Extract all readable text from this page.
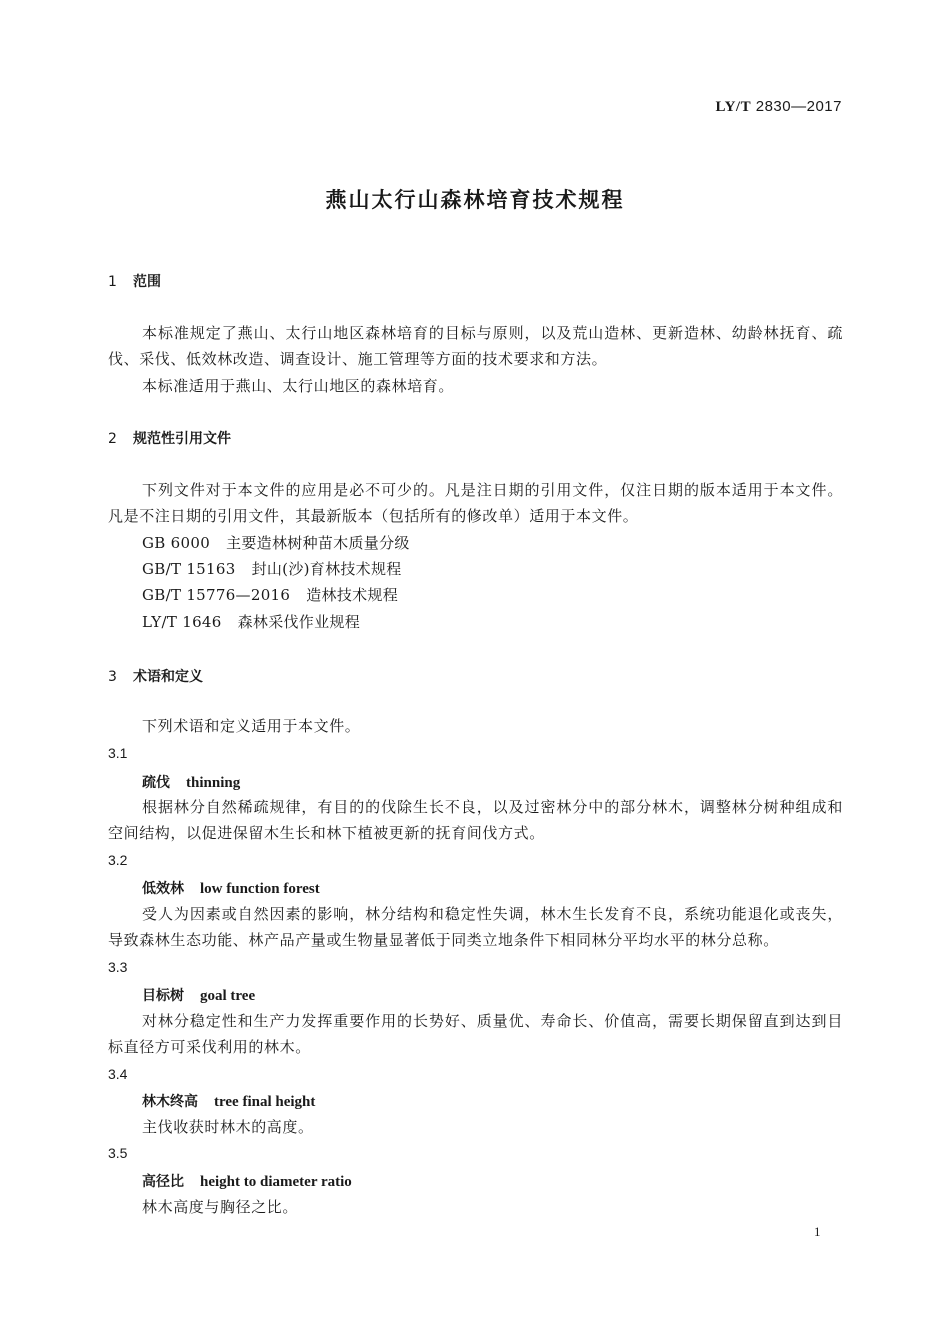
LY/T 2830—2017
燕山太行山森林培育技术规程
1 范围
本标准规定了燕山、太行山地区森林培育的目标与原则，以及荒山造林、更新造林、幼龄林抚育、疏伐、采伐、低效林改造、调查设计、施工管理等方面的技术要求和方法。
本标准适用于燕山、太行山地区的森林培育。
2 规范性引用文件
下列文件对于本文件的应用是必不可少的。凡是注日期的引用文件，仅注日期的版本适用于本文件。凡是不注日期的引用文件，其最新版本（包括所有的修改单）适用于本文件。
GB 6000 主要造林树种苗木质量分级
GB/T 15163 封山(沙)育林技术规程
GB/T 15776—2016 造林技术规程
LY/T 1646 森林采伐作业规程
3 术语和定义
下列术语和定义适用于本文件。
3.1
疏伐 thinning
根据林分自然稀疏规律，有目的的伐除生长不良，以及过密林分中的部分林木，调整林分树种组成和空间结构，以促进保留木生长和林下植被更新的抚育间伐方式。
3.2
低效林 low function forest
受人为因素或自然因素的影响，林分结构和稳定性失调，林木生长发育不良，系统功能退化或丧失，导致森林生态功能、林产品产量或生物量显著低于同类立地条件下相同林分平均水平的林分总称。
3.3
目标树 goal tree
对林分稳定性和生产力发挥重要作用的长势好、质量优、寿命长、价值高，需要长期保留直到达到目标直径方可采伐利用的林木。
3.4
林木终高 tree final height
主伐收获时林木的高度。
3.5
高径比 height to diameter ratio
林木高度与胸径之比。
1
